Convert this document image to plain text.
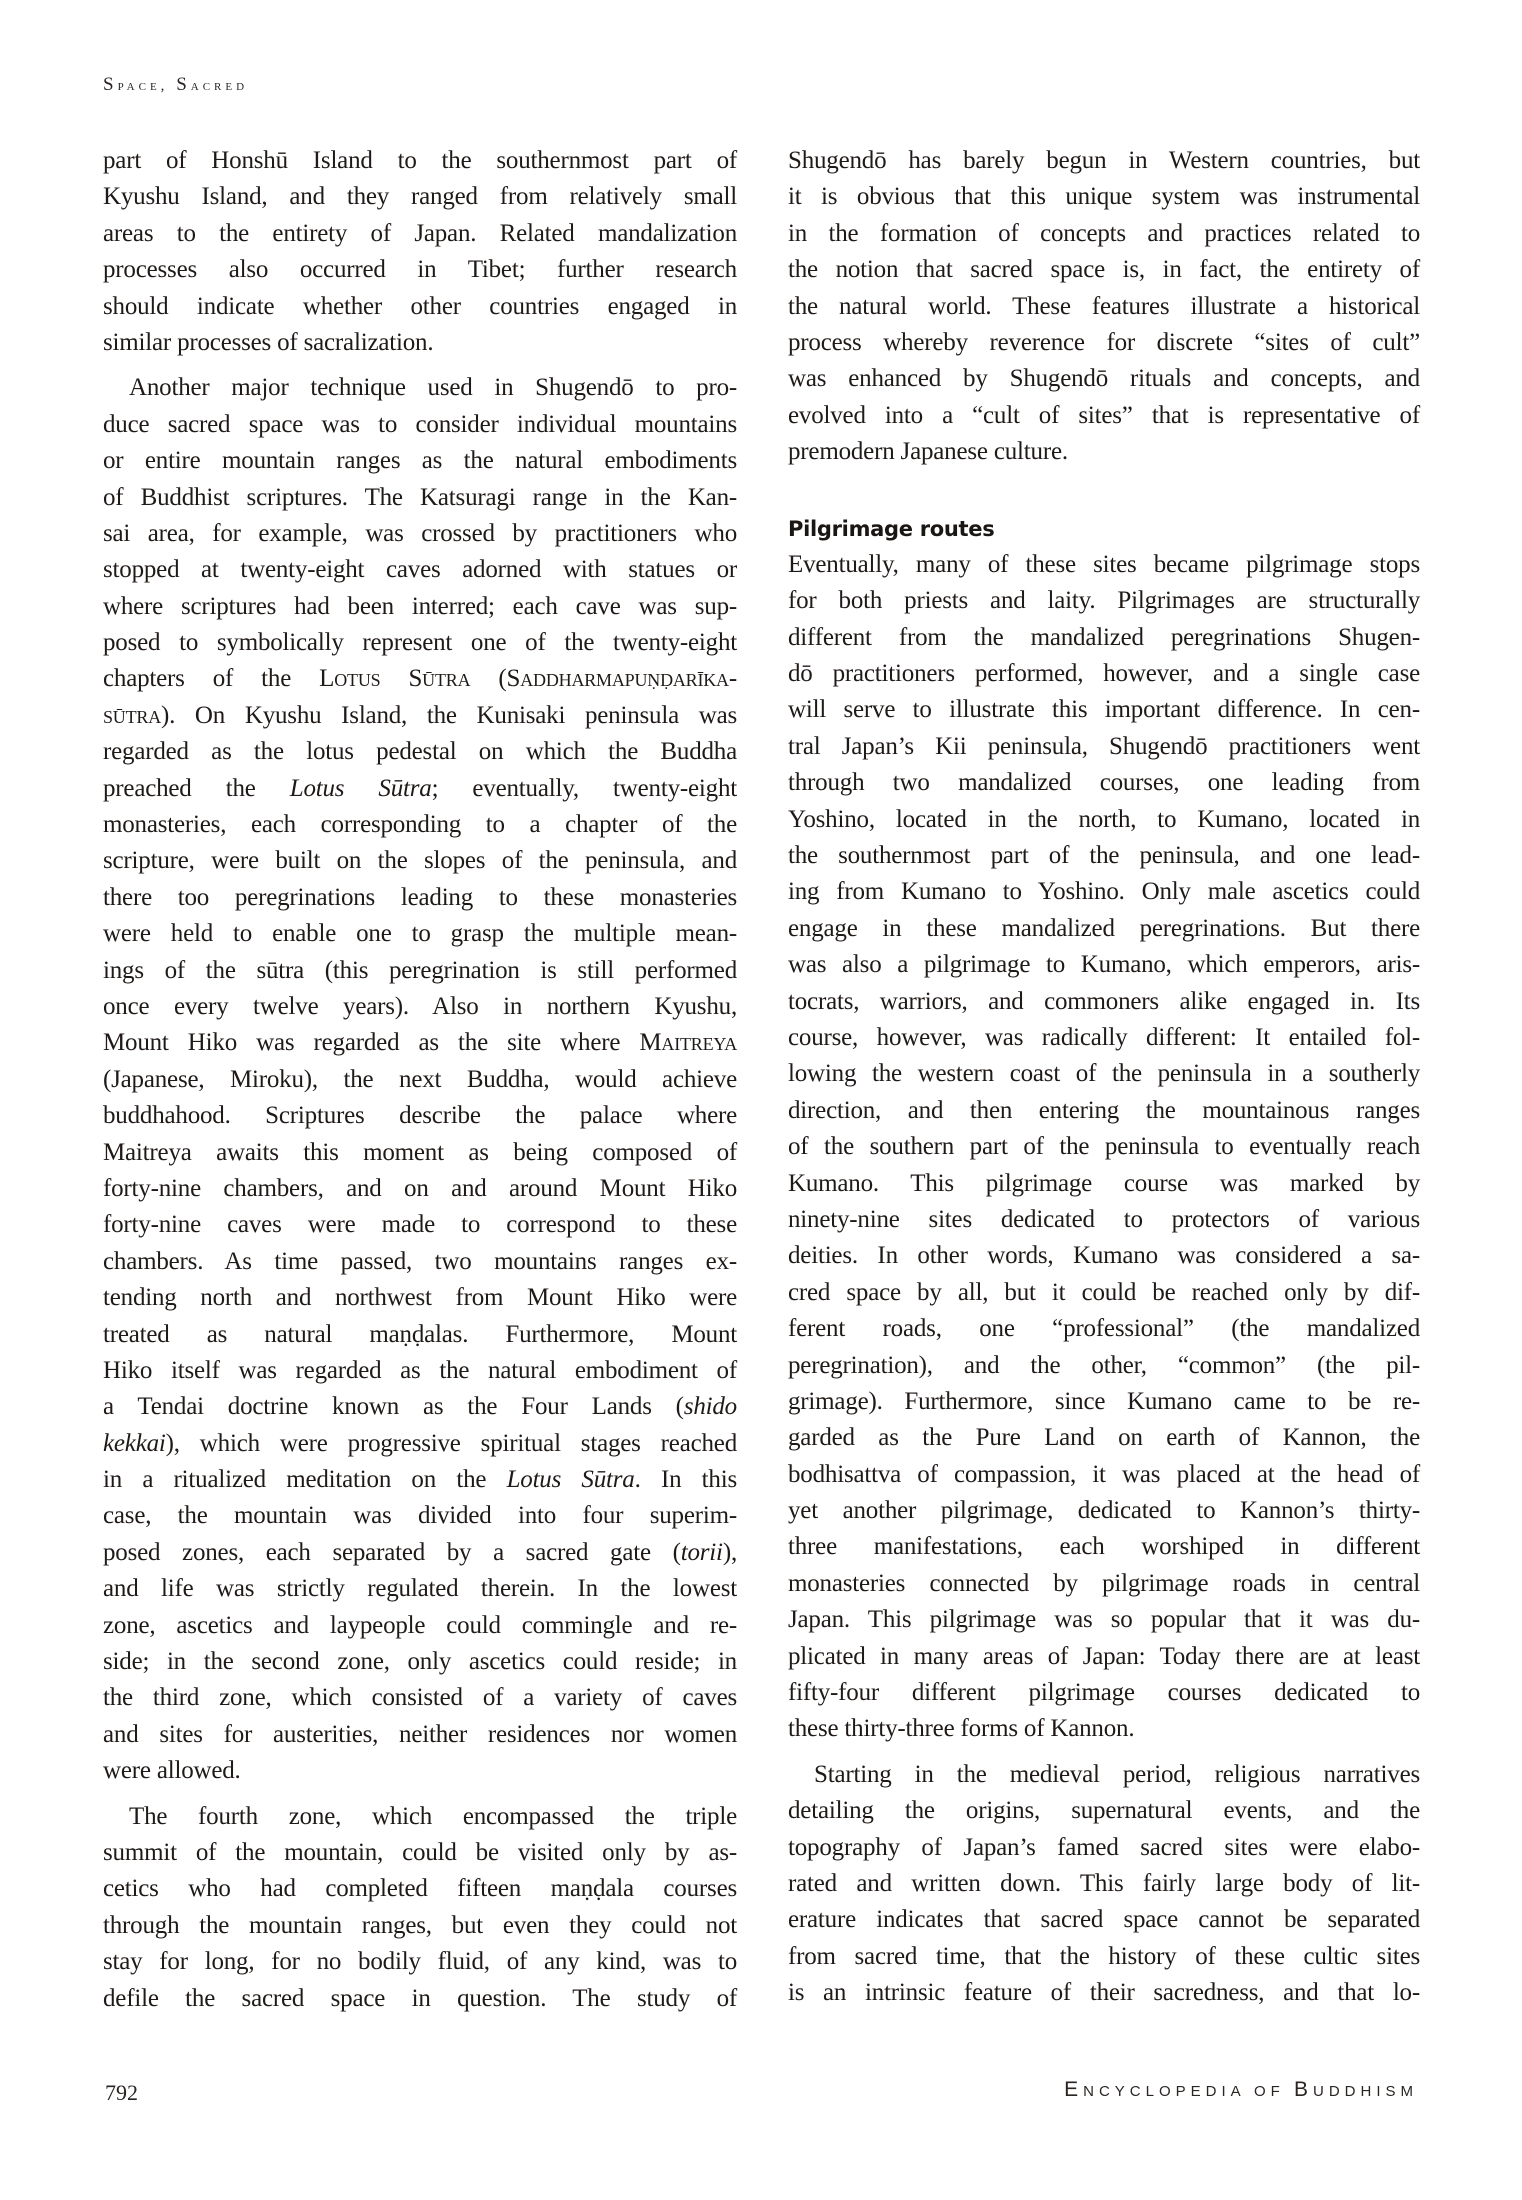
Space, Sacred
part of Honshū Island to the southernmost part of
Kyushu Island, and they ranged from relatively small
areas to the entirety of Japan. Related mandalization
processes also occurred in Tibet; further research
should indicate whether other countries engaged in
similar processes of sacralization.
Another major technique used in Shugendō to pro-
duce sacred space was to consider individual mountains
or entire mountain ranges as the natural embodiments
of Buddhist scriptures. The Katsuragi range in the Kan-
sai area, for example, was crossed by practitioners who
stopped at twenty-eight caves adorned with statues or
where scriptures had been interred; each cave was sup-
posed to symbolically represent one of the twenty-eight
chapters of the Lotus Sūtra (Saddharmapuṇḍarīka-
sūtra). On Kyushu Island, the Kunisaki peninsula was
regarded as the lotus pedestal on which the Buddha
preached the Lotus Sūtra; eventually, twenty-eight
monasteries, each corresponding to a chapter of the
scripture, were built on the slopes of the peninsula, and
there too peregrinations leading to these monasteries
were held to enable one to grasp the multiple mean-
ings of the sūtra (this peregrination is still performed
once every twelve years). Also in northern Kyushu,
Mount Hiko was regarded as the site where Maitreya
(Japanese, Miroku), the next Buddha, would achieve
buddhahood. Scriptures describe the palace where
Maitreya awaits this moment as being composed of
forty-nine chambers, and on and around Mount Hiko
forty-nine caves were made to correspond to these
chambers. As time passed, two mountains ranges ex-
tending north and northwest from Mount Hiko were
treated as natural maṇḍalas. Furthermore, Mount
Hiko itself was regarded as the natural embodiment of
a Tendai doctrine known as the Four Lands (shido
kekkai), which were progressive spiritual stages reached
in a ritualized meditation on the Lotus Sūtra. In this
case, the mountain was divided into four superim-
posed zones, each separated by a sacred gate (torii),
and life was strictly regulated therein. In the lowest
zone, ascetics and laypeople could commingle and re-
side; in the second zone, only ascetics could reside; in
the third zone, which consisted of a variety of caves
and sites for austerities, neither residences nor women
were allowed.
The fourth zone, which encompassed the triple
summit of the mountain, could be visited only by as-
cetics who had completed fifteen maṇḍala courses
through the mountain ranges, but even they could not
stay for long, for no bodily fluid, of any kind, was to
defile the sacred space in question. The study of
Shugendō has barely begun in Western countries, but
it is obvious that this unique system was instrumental
in the formation of concepts and practices related to
the notion that sacred space is, in fact, the entirety of
the natural world. These features illustrate a historical
process whereby reverence for discrete “sites of cult”
was enhanced by Shugendō rituals and concepts, and
evolved into a “cult of sites” that is representative of
premodern Japanese culture.
Pilgrimage routes
Eventually, many of these sites became pilgrimage stops
for both priests and laity. Pilgrimages are structurally
different from the mandalized peregrinations Shugen-
dō practitioners performed, however, and a single case
will serve to illustrate this important difference. In cen-
tral Japan’s Kii peninsula, Shugendō practitioners went
through two mandalized courses, one leading from
Yoshino, located in the north, to Kumano, located in
the southernmost part of the peninsula, and one lead-
ing from Kumano to Yoshino. Only male ascetics could
engage in these mandalized peregrinations. But there
was also a pilgrimage to Kumano, which emperors, aris-
tocrats, warriors, and commoners alike engaged in. Its
course, however, was radically different: It entailed fol-
lowing the western coast of the peninsula in a southerly
direction, and then entering the mountainous ranges
of the southern part of the peninsula to eventually reach
Kumano. This pilgrimage course was marked by
ninety-nine sites dedicated to protectors of various
deities. In other words, Kumano was considered a sa-
cred space by all, but it could be reached only by dif-
ferent roads, one “professional” (the mandalized
peregrination), and the other, “common” (the pil-
grimage). Furthermore, since Kumano came to be re-
garded as the Pure Land on earth of Kannon, the
bodhisattva of compassion, it was placed at the head of
yet another pilgrimage, dedicated to Kannon’s thirty-
three manifestations, each worshiped in different
monasteries connected by pilgrimage roads in central
Japan. This pilgrimage was so popular that it was du-
plicated in many areas of Japan: Today there are at least
fifty-four different pilgrimage courses dedicated to
these thirty-three forms of Kannon.
Starting in the medieval period, religious narratives
detailing the origins, supernatural events, and the
topography of Japan’s famed sacred sites were elabo-
rated and written down. This fairly large body of lit-
erature indicates that sacred space cannot be separated
from sacred time, that the history of these cultic sites
is an intrinsic feature of their sacredness, and that lo-
792	ENCYCLOPEDIA OF BUDDHISM
